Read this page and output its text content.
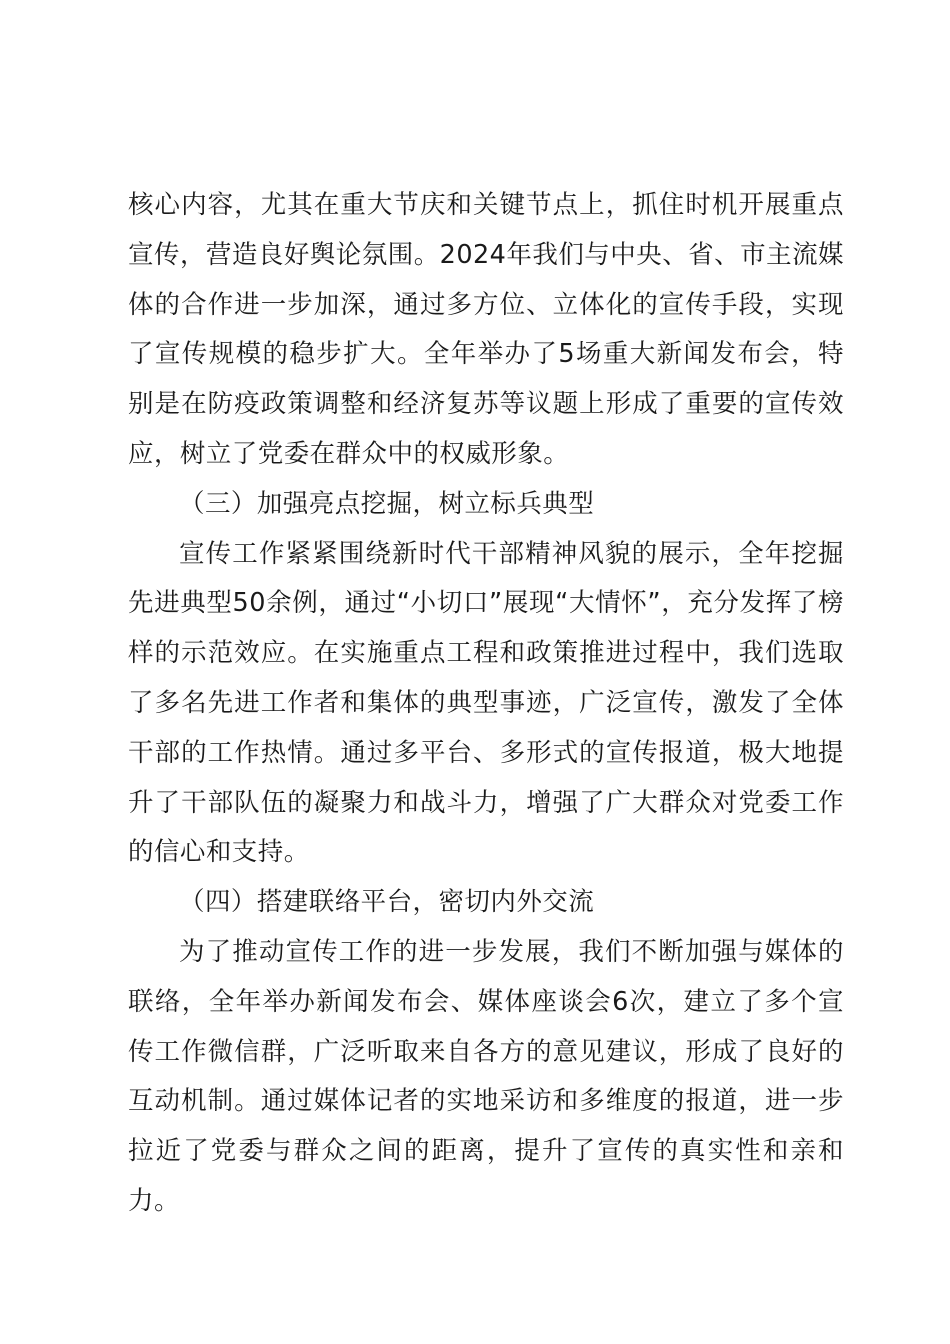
核心内容，尤其在重大节庆和关键节点上，抓住时机开展重点宣传，营造良好舆论氛围。2024年我们与中央、省、市主流媒体的合作进一步加深，通过多方位、立体化的宣传手段，实现了宣传规模的稳步扩大。全年举办了5场重大新闻发布会，特别是在防疫政策调整和经济复苏等议题上形成了重要的宣传效应，树立了党委在群众中的权威形象。

（三）加强亮点挖掘，树立标兵典型

宣传工作紧紧围绕新时代干部精神风貌的展示，全年挖掘先进典型50余例，通过“小切口”展现“大情怀”，充分发挥了榜样的示范效应。在实施重点工程和政策推进过程中，我们选取了多名先进工作者和集体的典型事迹，广泛宣传，激发了全体干部的工作热情。通过多平台、多形式的宣传报道，极大地提升了干部队伍的凝聚力和战斗力，增强了广大群众对党委工作的信心和支持。

（四）搭建联络平台，密切内外交流

为了推动宣传工作的进一步发展，我们不断加强与媒体的联络，全年举办新闻发布会、媒体座谈会6次，建立了多个宣传工作微信群，广泛听取来自各方的意见建议，形成了良好的互动机制。通过媒体记者的实地采访和多维度的报道，进一步拉近了党委与群众之间的距离，提升了宣传的真实性和亲和力。
